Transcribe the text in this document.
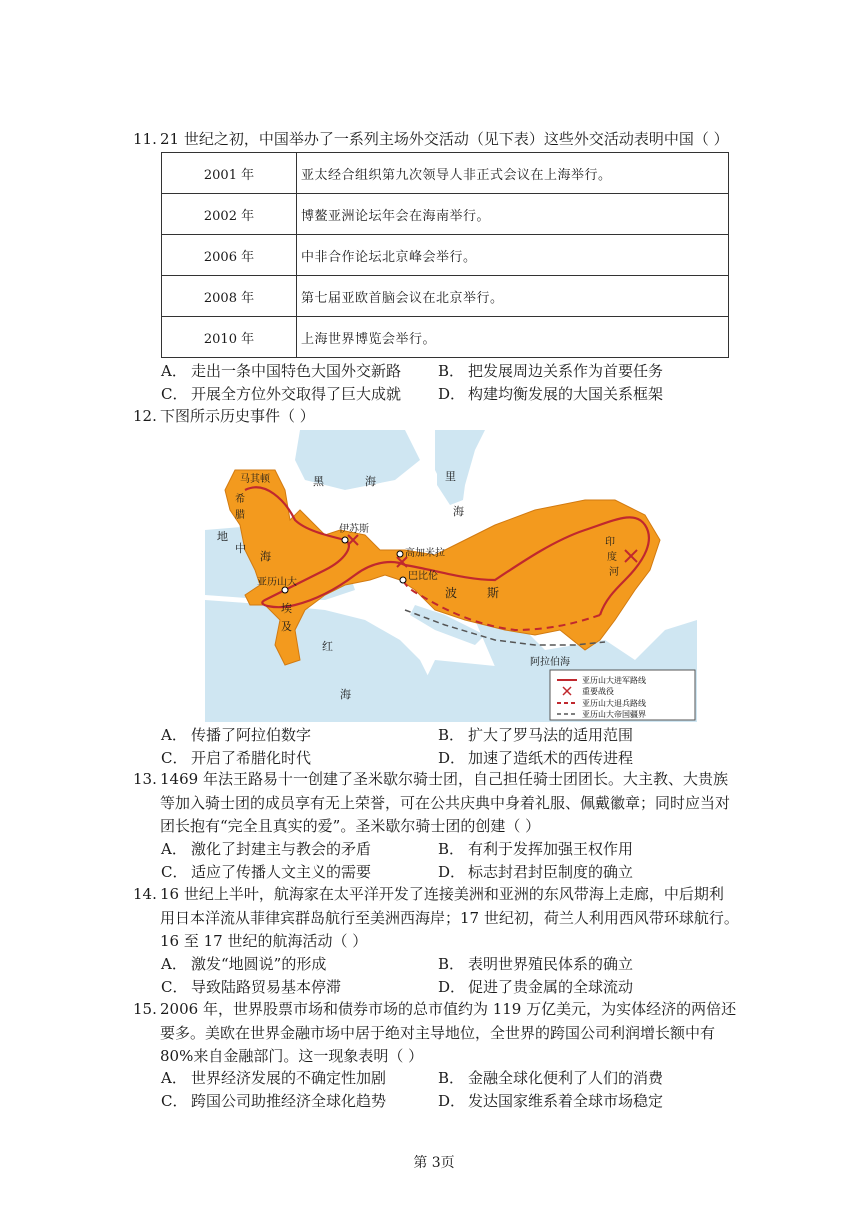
11. 21 世纪之初，中国举办了一系列主场外交活动（见下表）这些外交活动表明中国（ ）
2001 年	亚太经合组织第九次领导人非正式会议在上海举行。
2002 年	博鳌亚洲论坛年会在海南举行。
2006 年	中非合作论坛北京峰会举行。
2008 年	第七届亚欧首脑会议在北京举行。
2010 年	上海世界博览会举行。
A． 走出一条中国特色大国外交新路 B． 把发展周边关系作为首要任务
C． 开展全方位外交取得了巨大成就 D． 构建均衡发展的大国关系框架
12. 下图所示历史事件（ ）
马其顿
希
腊
黑	海	里
海
地
中
海
伊苏斯
高加米拉
巴比伦
亚历山大
埃
及
波 斯
红
海
阿拉伯海
印
度
河
亚历山大进军路线
重要战役
亚历山大退兵路线
亚历山大帝国疆界
A． 传播了阿拉伯数字	B． 扩大了罗马法的适用范围
C． 开启了希腊化时代	D． 加速了造纸术的西传进程
13. 1469 年法王路易十一创建了圣米歇尔骑士团，自己担任骑士团团长。大主教、大贵族
等加入骑士团的成员享有无上荣誉，可在公共庆典中身着礼服、佩戴徽章；同时应当对
团长抱有“完全且真实的爱”。圣米歇尔骑士团的创建（ ）
A． 激化了封建主与教会的矛盾	B． 有利于发挥加强王权作用
C． 适应了传播人文主义的需要	D． 标志封君封臣制度的确立
14. 16 世纪上半叶，航海家在太平洋开发了连接美洲和亚洲的东风带海上走廊，中后期利
用日本洋流从菲律宾群岛航行至美洲西海岸；17 世纪初，荷兰人利用西风带环球航行。
16 至 17 世纪的航海活动（ ）
A． 激发“地圆说”的形成	B． 表明世界殖民体系的确立
C． 导致陆路贸易基本停滞	D． 促进了贵金属的全球流动
15. 2006 年，世界股票市场和债券市场的总市值约为 119 万亿美元，为实体经济的两倍还
要多。美欧在世界金融市场中居于绝对主导地位，全世界的跨国公司利润增长额中有
80%来自金融部门。这一现象表明（ ）
A． 世界经济发展的不确定性加剧	B． 金融全球化便利了人们的消费
C． 跨国公司助推经济全球化趋势	D． 发达国家维系着全球市场稳定
第 3页
